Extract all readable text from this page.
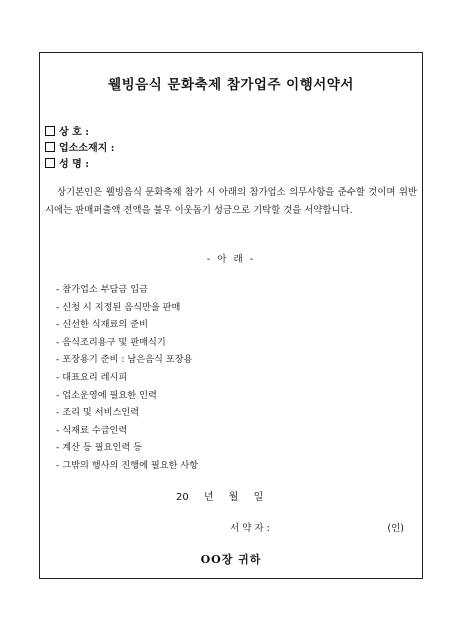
웰빙음식 문화축제 참가업주 이행서약서
상 호 :
업소소재지 :
성 명 :
상기본인은 웰빙음식 문화축제 참가 시 아래의 참가업소 의무사항을 준수할 것이며 위반 시에는 판매퍼출액 전액을 불우 이웃돕기 성금으로 기탁할 것을 서약합니다.
- 아 래 -
- 참가업소 부담금 입금
- 신청 시 지정된 음식만을 판매
- 신선한 식재료의 준비
- 음식조리용구 및 판매식기
- 포장용기 준비 : 남은음식 포장용
- 대표요리 레시피
- 업소운영에 필요한 인력
- 조리 및 서비스인력
- 식재료 수급인력
- 계산 등 필요인력 등
- 그밖의 행사의 진행에 필요한 사항
20 년 월 일
서 약 자 :	(인)
OO장 귀하
